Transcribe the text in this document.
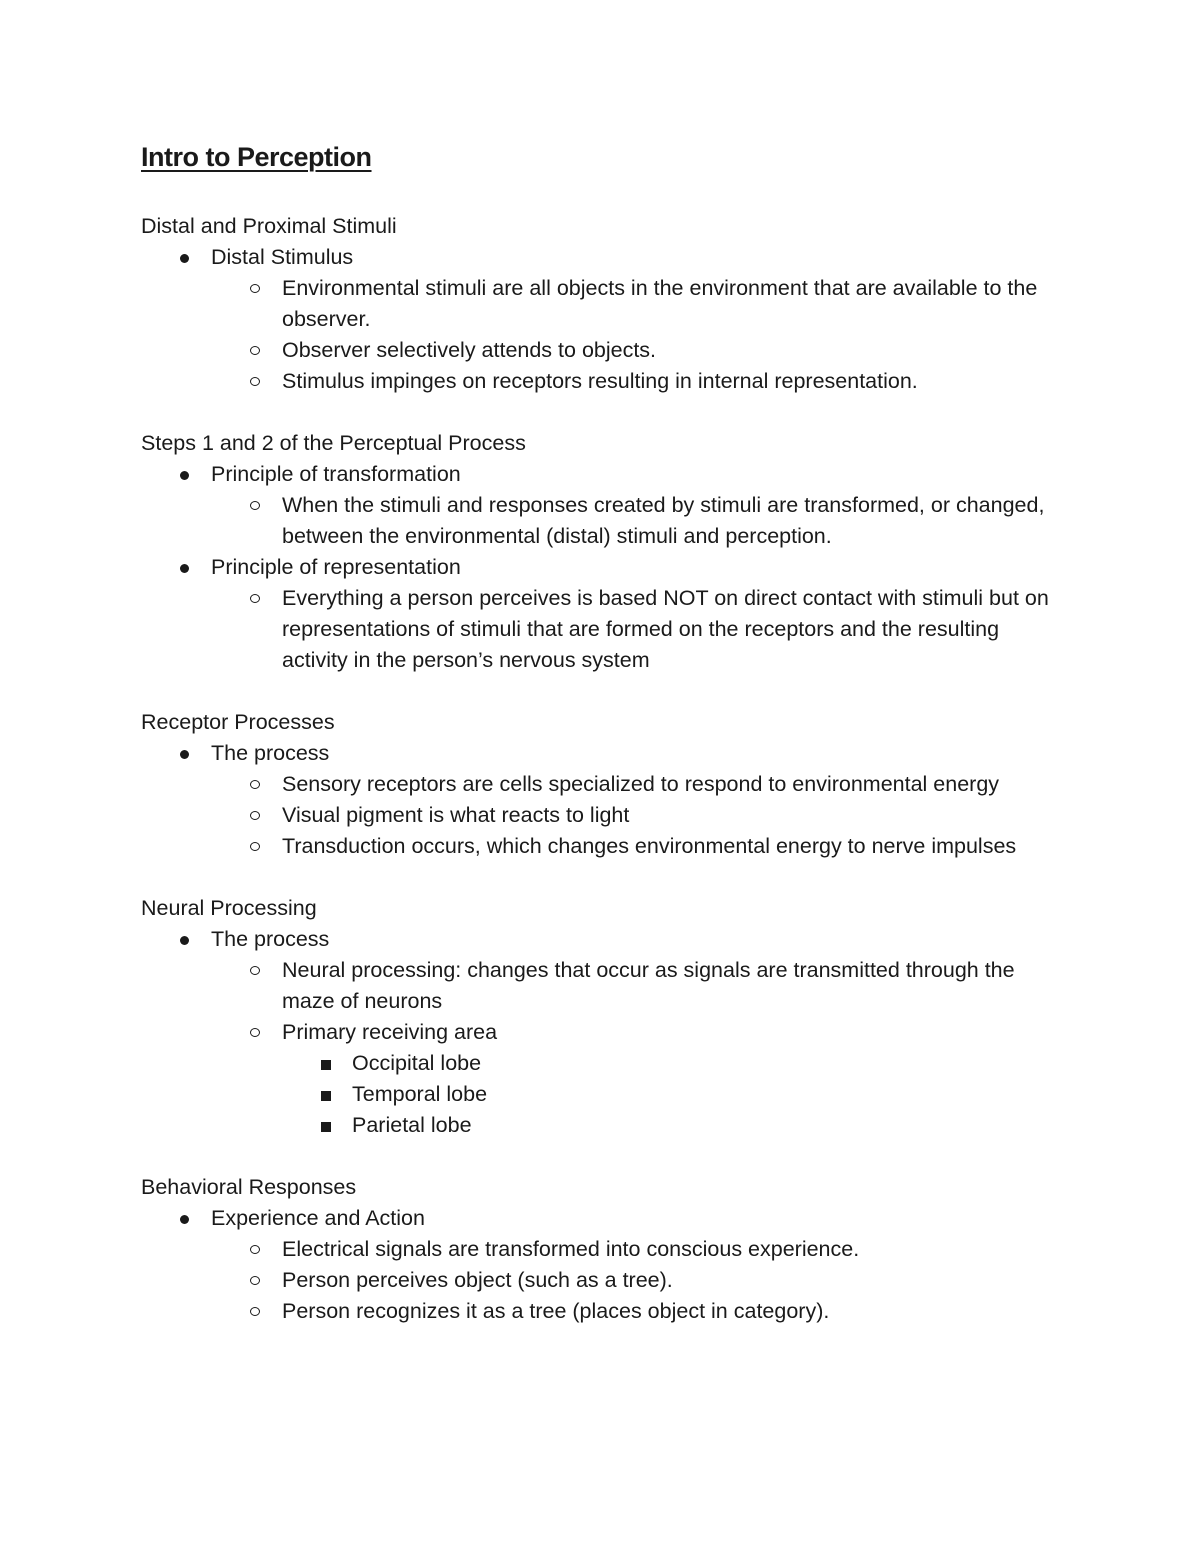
Intro to Perception

Distal and Proximal Stimuli

Distal Stimulus
Environmental stimuli are all objects in the environment that are available to the observer.
Observer selectively attends to objects.
Stimulus impinges on receptors resulting in internal representation.

Steps 1 and 2 of the Perceptual Process

Principle of transformation
When the stimuli and responses created by stimuli are transformed, or changed, between the environmental (distal) stimuli and perception.
Principle of representation
Everything a person perceives is based NOT on direct contact with stimuli but on representations of stimuli that are formed on the receptors and the resulting activity in the person’s nervous system

Receptor Processes

The process
Sensory receptors are cells specialized to respond to environmental energy
Visual pigment is what reacts to light
Transduction occurs, which changes environmental energy to nerve impulses

Neural Processing

The process
Neural processing: changes that occur as signals are transmitted through the maze of neurons
Primary receiving area
Occipital lobe
Temporal lobe
Parietal lobe

Behavioral Responses

Experience and Action
Electrical signals are transformed into conscious experience.
Person perceives object (such as a tree).
Person recognizes it as a tree (places object in category).
